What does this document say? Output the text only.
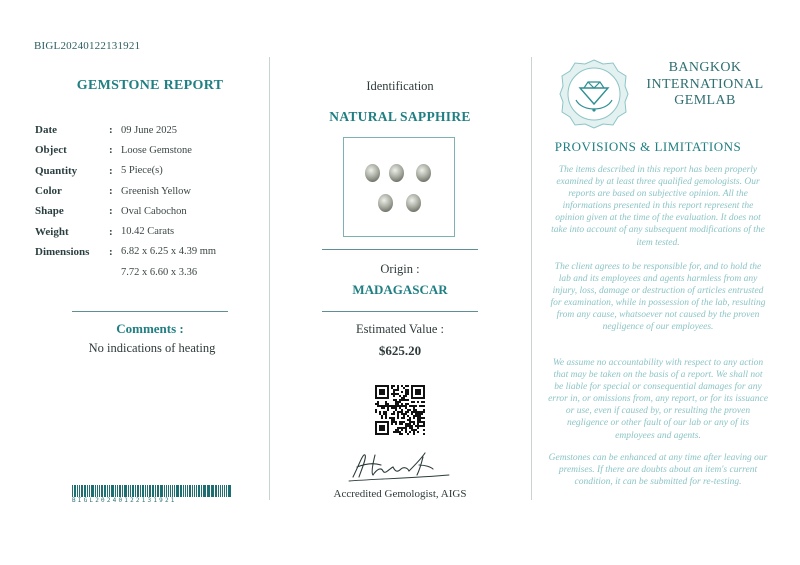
BIGL20240122131921
GEMSTONE REPORT
Date	: 09 June 2025
Object	: Loose Gemstone
Quantity	: 5 Piece(s)
Color	: Greenish Yellow
Shape	: Oval Cabochon
Weight	: 10.42 Carats
Dimensions	: 6.82 x 6.25 x 4.39 mm
7.72 x 6.60 x 3.36
Comments :
No indications of heating
BIGL20240122131921
Identification
NATURAL SAPPHIRE
Origin :
MADAGASCAR
Estimated Value :
$625.20
Accredited Gemologist, AIGS
BANGKOK
INTERNATIONAL
GEMLAB
PROVISIONS & LIMITATIONS
The items described in this report has been properly examined by at least three qualified gemologists. Our reports are based on subjective opinion. All the informations presented in this report represent the opinion given at the time of the evaluation. It does not take into account of any subsequent modifications of the item tested.
The client agrees to be responsible for, and to hold the lab and its employees and agents harmless from any injury, loss, damage or destruction of articles entrusted for examination, while in possession of the lab, resulting from any cause, whatsoever not caused by the proven negligence of our employees.
We assume no accountability with respect to any action that may be taken on the basis of a report. We shall not be liable for special or consequential damages for any error in, or omissions from, any report, or for its issuance or use, even if caused by, or resulting the proven negligence or other fault of our lab or any of its employees and agents.
Gemstones can be enhanced at any time after leaving our premises. If there are doubts about an item's current condition, it can be submitted for re-testing.
